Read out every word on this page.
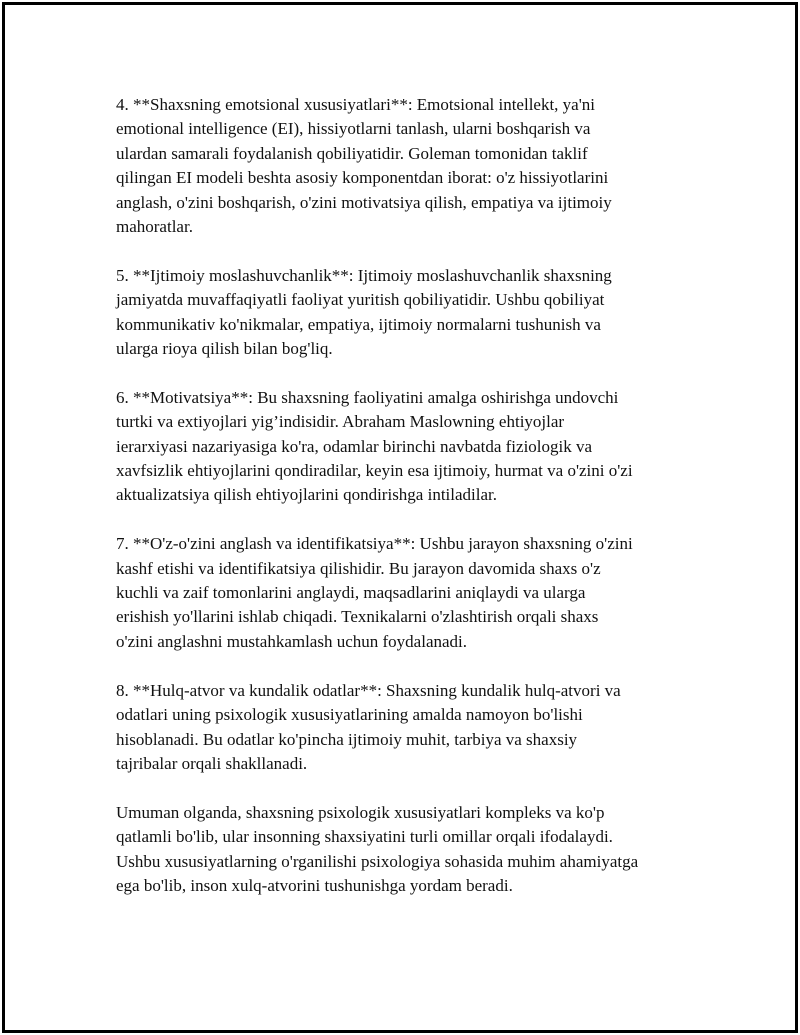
4. **Shaxsning emotsional xususiyatlari**: Emotsional intellekt, ya'ni
emotional intelligence (EI), hissiyotlarni tanlash, ularni boshqarish va
ulardan samarali foydalanish qobiliyatidir. Goleman tomonidan taklif
qilingan EI modeli beshta asosiy komponentdan iborat: o'z hissiyotlarini
anglash, o'zini boshqarish, o'zini motivatsiya qilish, empatiya va ijtimoiy
mahoratlar.

5. **Ijtimoiy moslashuvchanlik**: Ijtimoiy moslashuvchanlik shaxsning
jamiyatda muvaffaqiyatli faoliyat yuritish qobiliyatidir. Ushbu qobiliyat
kommunikativ ko'nikmalar, empatiya, ijtimoiy normalarni tushunish va
ularga rioya qilish bilan bog'liq.

6. **Motivatsiya**: Bu shaxsning faoliyatini amalga oshirishga undovchi
turtki va extiyojlari yig’indisidir. Abraham Maslowning ehtiyojlar
ierarxiyasi nazariyasiga ko'ra, odamlar birinchi navbatda fiziologik va
xavfsizlik ehtiyojlarini qondiradilar, keyin esa ijtimoiy, hurmat va o'zini o'zi
aktualizatsiya qilish ehtiyojlarini qondirishga intiladilar.

7. **O'z-o'zini anglash va identifikatsiya**: Ushbu jarayon shaxsning o'zini
kashf etishi va identifikatsiya qilishidir. Bu jarayon davomida shaxs o'z
kuchli va zaif tomonlarini anglaydi, maqsadlarini aniqlaydi va ularga
erishish yo'llarini ishlab chiqadi. Texnikalarni o'zlashtirish orqali shaxs
o'zini anglashni mustahkamlash uchun foydalanadi.

8. **Hulq-atvor va kundalik odatlar**: Shaxsning kundalik hulq-atvori va
odatlari uning psixologik xususiyatlarining amalda namoyon bo'lishi
hisoblanadi. Bu odatlar ko'pincha ijtimoiy muhit, tarbiya va shaxsiy
tajribalar orqali shakllanadi.

Umuman olganda, shaxsning psixologik xususiyatlari kompleks va ko'p
qatlamli bo'lib, ular insonning shaxsiyatini turli omillar orqali ifodalaydi.
Ushbu xususiyatlarning o'rganilishi psixologiya sohasida muhim ahamiyatga
ega bo'lib, inson xulq-atvorini tushunishga yordam beradi.
